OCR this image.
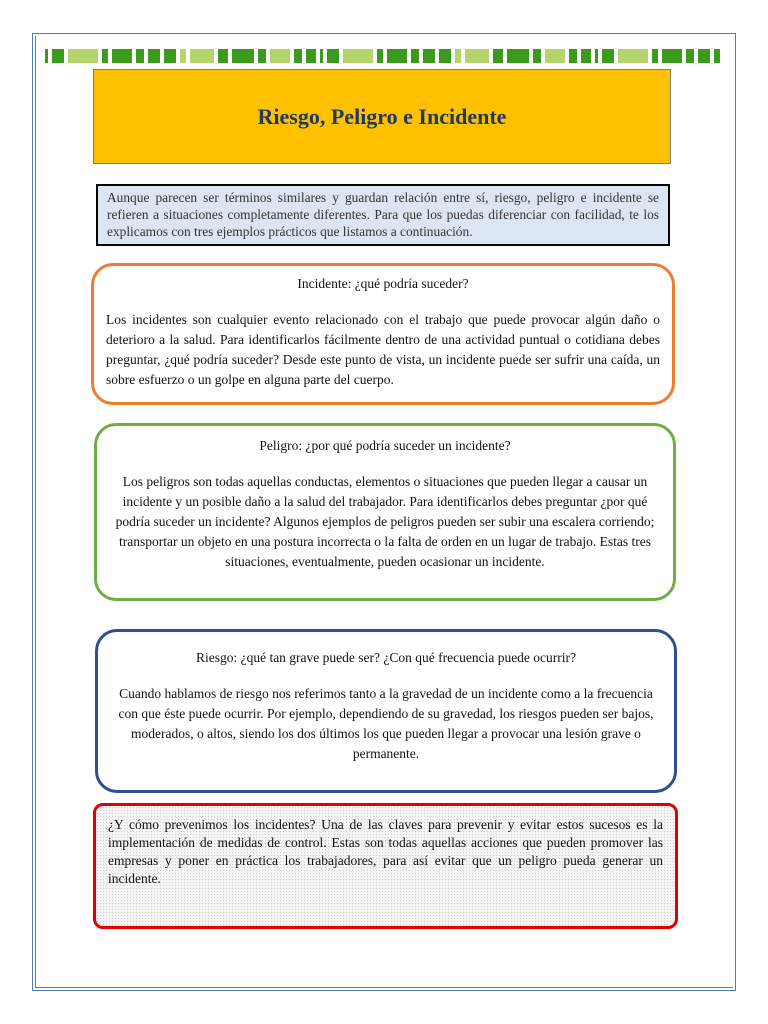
Riesgo, Peligro e Incidente
Aunque parecen ser términos similares y guardan relación entre sí, riesgo, peligro e incidente se refieren a situaciones completamente diferentes. Para que los puedas diferenciar con facilidad, te los explicamos con tres ejemplos prácticos que listamos a continuación.

Incidente: ¿qué podría suceder?

Los incidentes son cualquier evento relacionado con el trabajo que puede provocar algún daño o deterioro a la salud. Para identificarlos fácilmente dentro de una actividad puntual o cotidiana debes preguntar, ¿qué podría suceder? Desde este punto de vista, un incidente puede ser sufrir una caída, un sobre esfuerzo o un golpe en alguna parte del cuerpo.

Peligro: ¿por qué podría suceder un incidente?

Los peligros son todas aquellas conductas, elementos o situaciones que pueden llegar a causar un incidente y un posible daño a la salud del trabajador. Para identificarlos debes preguntar ¿por qué podría suceder un incidente? Algunos ejemplos de peligros pueden ser subir una escalera corriendo; transportar un objeto en una postura incorrecta o la falta de orden en un lugar de trabajo. Estas tres situaciones, eventualmente, pueden ocasionar un incidente.

Riesgo: ¿qué tan grave puede ser? ¿Con qué frecuencia puede ocurrir?

Cuando hablamos de riesgo nos referimos tanto a la gravedad de un incidente como a la frecuencia con que éste puede ocurrir. Por ejemplo, dependiendo de su gravedad, los riesgos pueden ser bajos, moderados, o altos, siendo los dos últimos los que pueden llegar a provocar una lesión grave o permanente.

¿Y cómo prevenimos los incidentes? Una de las claves para prevenir y evitar estos sucesos es la implementación de medidas de control. Estas son todas aquellas acciones que pueden promover las empresas y poner en práctica los trabajadores, para así evitar que un peligro pueda generar un incidente.
